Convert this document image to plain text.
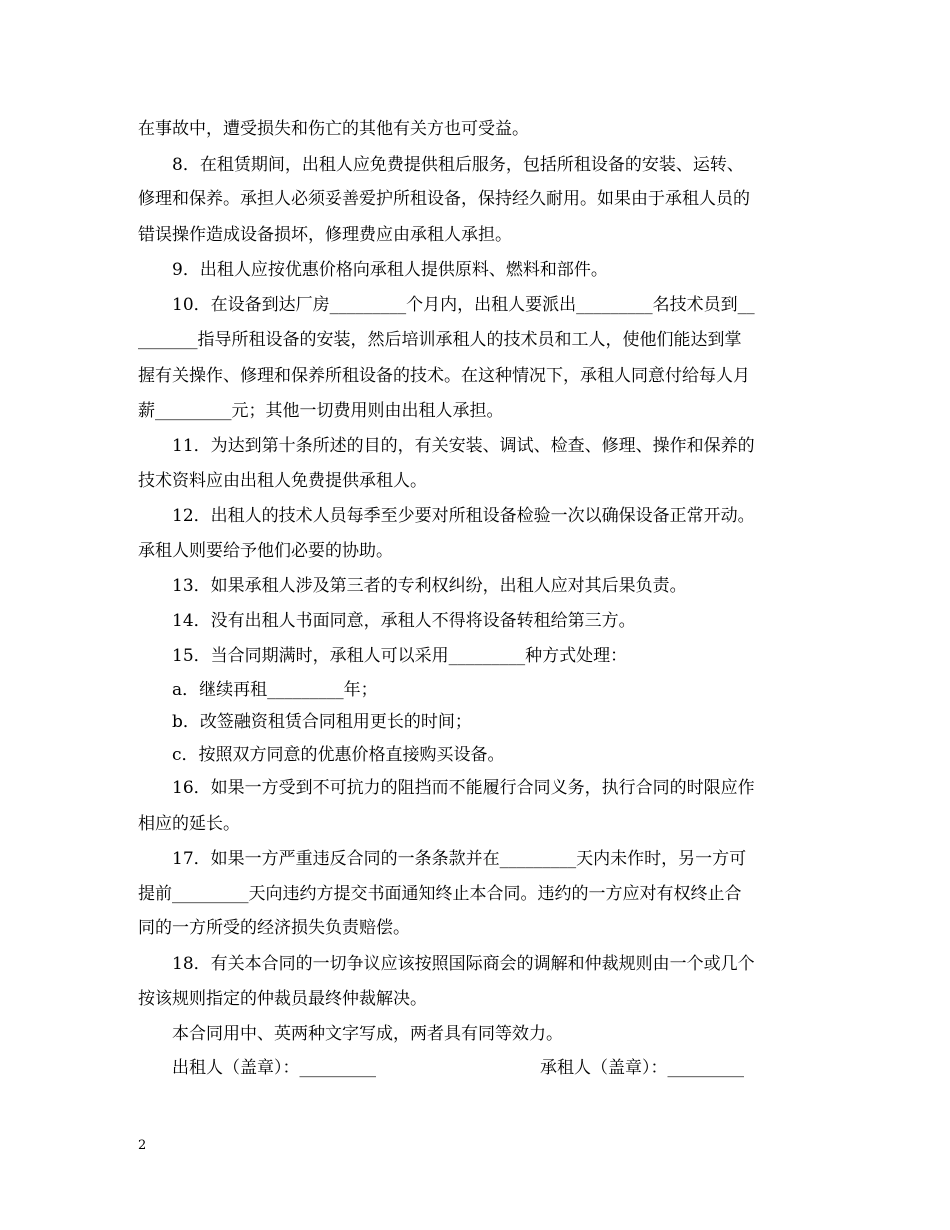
在事故中，遭受损失和伤亡的其他有关方也可受益。
8．在租赁期间，出租人应免费提供租后服务，包括所租设备的安装、运转、
修理和保养。承担人必须妥善爱护所租设备，保持经久耐用。如果由于承租人员的
错误操作造成设备损坏，修理费应由承租人承担。
9．出租人应按优惠价格向承租人提供原料、燃料和部件。
10．在设备到达厂房_________个月内，出租人要派出_________名技术员到__
_______指导所租设备的安装，然后培训承租人的技术员和工人，使他们能达到掌
握有关操作、修理和保养所租设备的技术。在这种情况下，承租人同意付给每人月
薪_________元；其他一切费用则由出租人承担。
11．为达到第十条所述的目的，有关安装、调试、检查、修理、操作和保养的
技术资料应由出租人免费提供承租人。
12．出租人的技术人员每季至少要对所租设备检验一次以确保设备正常开动。
承租人则要给予他们必要的协助。
13．如果承租人涉及第三者的专利权纠纷，出租人应对其后果负责。
14．没有出租人书面同意，承租人不得将设备转租给第三方。
15．当合同期满时，承租人可以采用_________种方式处理：
a．继续再租_________年；
b．改签融资租赁合同租用更长的时间；
c．按照双方同意的优惠价格直接购买设备。
16．如果一方受到不可抗力的阻挡而不能履行合同义务，执行合同的时限应作
相应的延长。
17．如果一方严重违反合同的一条条款并在_________天内未作时，另一方可
提前_________天向违约方提交书面通知终止本合同。违约的一方应对有权终止合
同的一方所受的经济损失负责赔偿。
18．有关本合同的一切争议应该按照国际商会的调解和仲裁规则由一个或几个
按该规则指定的仲裁员最终仲裁解决。
本合同用中、英两种文字写成，两者具有同等效力。
出租人（盖章）：_________	承租人（盖章）：_________
2
